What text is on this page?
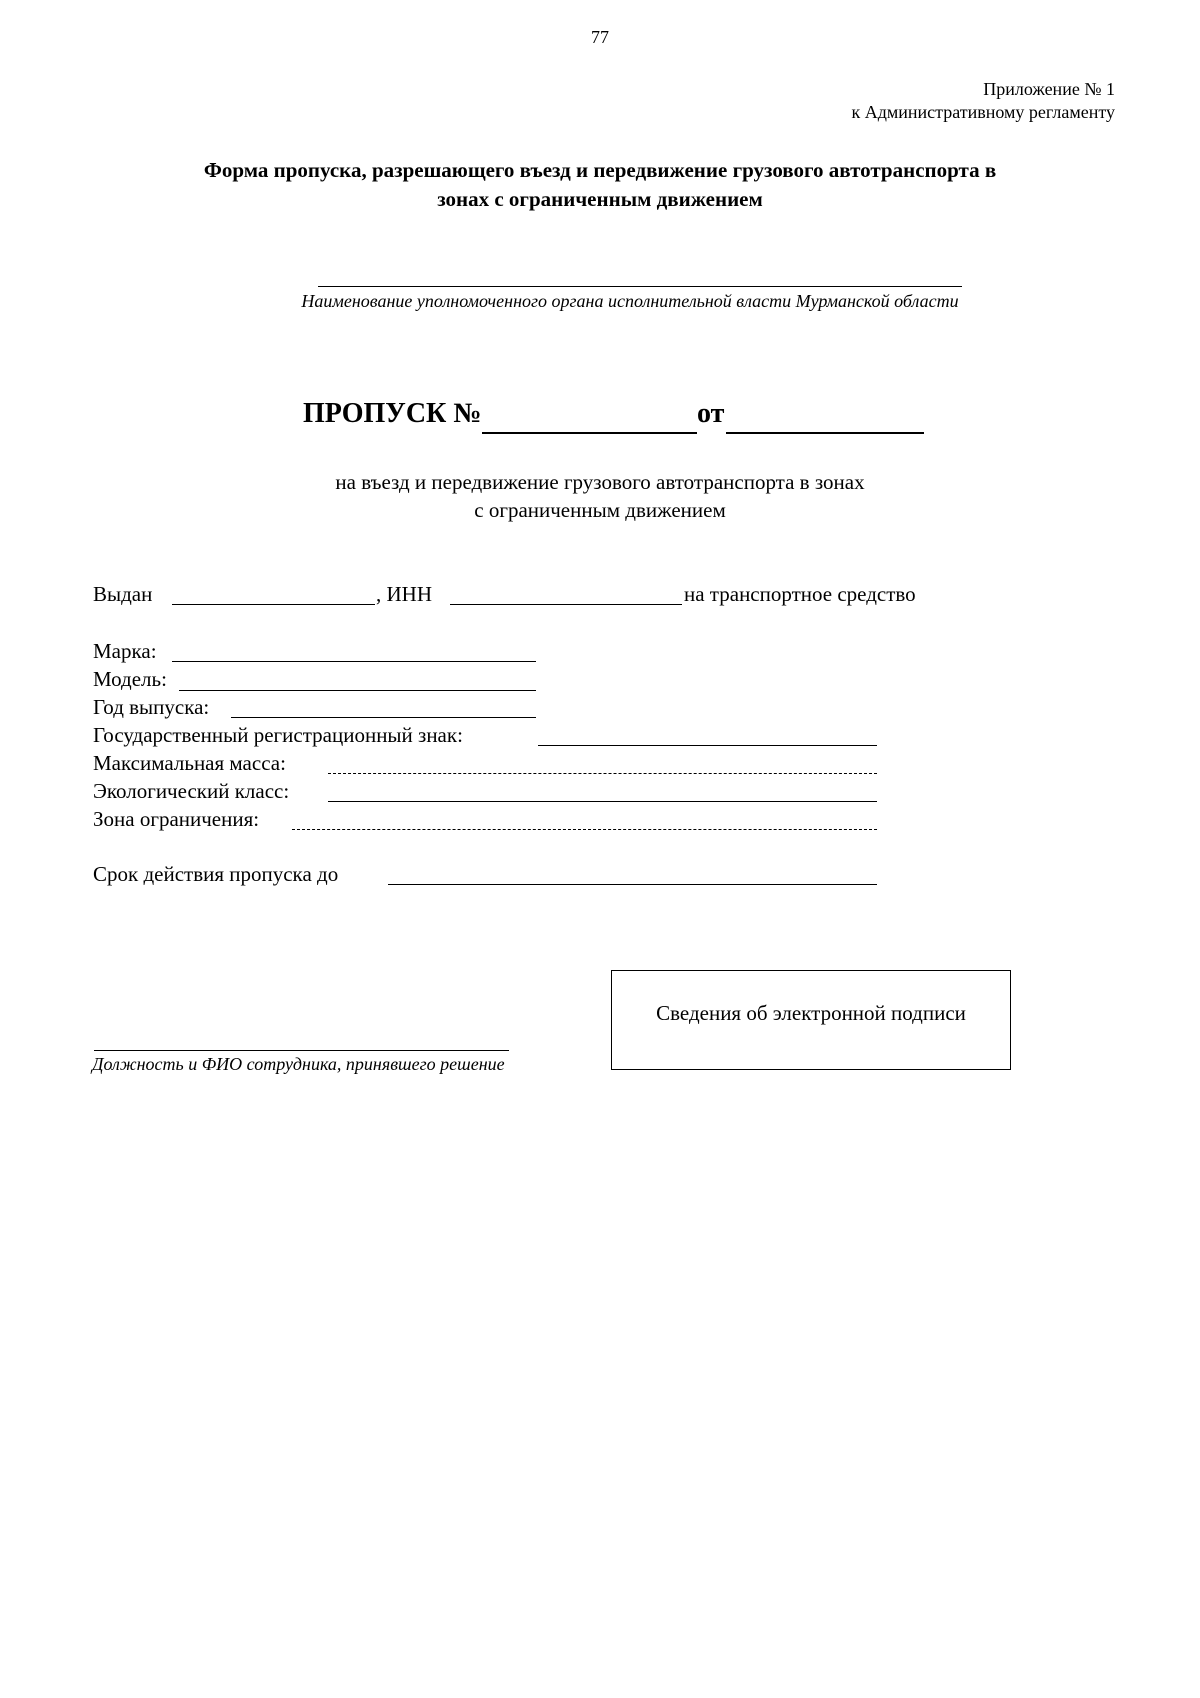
77
Приложение № 1
к Административному регламенту
Форма пропуска, разрешающего въезд и передвижение грузового автотранспорта в
зонах с ограниченным движением
Наименование уполномоченного органа исполнительной власти Мурманской области
ПРОПУСК №	от
на въезд и передвижение грузового автотранспорта в зонах
с ограниченным движением
Выдан	, ИНН	на транспортное средство
Марка:
Модель:
Год выпуска:
Государственный регистрационный знак:
Максимальная масса:
Экологический класс:
Зона ограничения:
Срок действия пропуска до
Сведения об электронной подписи
Должность и ФИО сотрудника, принявшего решение
